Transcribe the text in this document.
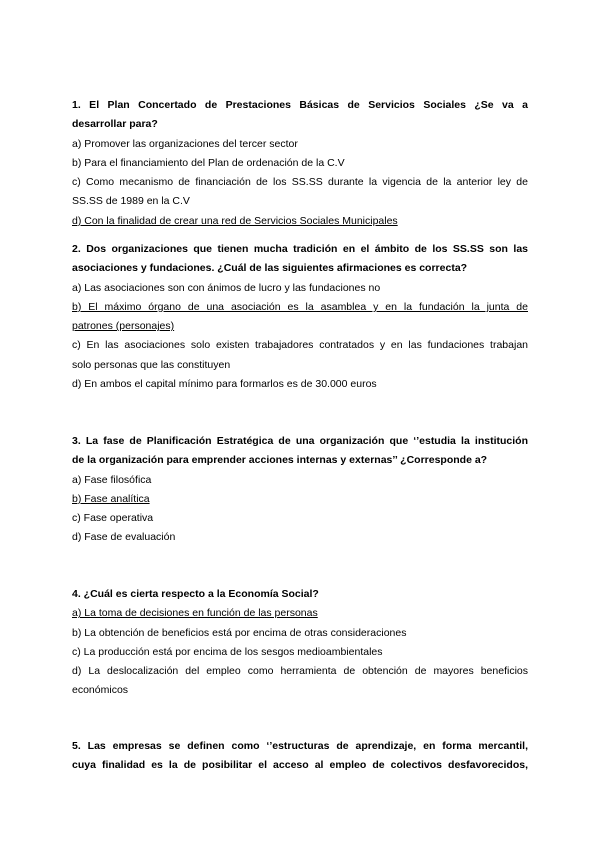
1. El Plan Concertado de Prestaciones Básicas de Servicios Sociales ¿Se va a
desarrollar para?
a) Promover las organizaciones del tercer sector
b) Para el financiamiento del Plan de ordenación de la C.V
c) Como mecanismo de financiación de los SS.SS durante la vigencia de la anterior ley de
SS.SS de 1989 en la C.V
d) Con la finalidad de crear una red de Servicios Sociales Municipales
2. Dos organizaciones que tienen mucha tradición en el ámbito de los SS.SS son las
asociaciones y fundaciones. ¿Cuál de las siguientes afirmaciones es correcta?
a) Las asociaciones son con ánimos de lucro y las fundaciones no
b) El máximo órgano de una asociación es la asamblea y en la fundación la junta de
patrones (personajes)
c) En las asociaciones solo existen trabajadores contratados y en las fundaciones trabajan
solo personas que las constituyen
d) En ambos el capital mínimo para formarlos es de 30.000 euros
3. La fase de Planificación Estratégica de una organización que ‘’estudia la institución
de la organización para emprender acciones internas y externas’’ ¿Corresponde a?
a) Fase filosófica
b) Fase analítica
c) Fase operativa
d) Fase de evaluación
4. ¿Cuál es cierta respecto a la Economía Social?
a) La toma de decisiones en función de las personas
b) La obtención de beneficios está por encima de otras consideraciones
c) La producción está por encima de los sesgos medioambientales
d) La deslocalización del empleo como herramienta de obtención de mayores beneficios
económicos
5. Las empresas se definen como ‘’estructuras de aprendizaje, en forma mercantil,
cuya finalidad es la de posibilitar el acceso al empleo de colectivos desfavorecidos,
